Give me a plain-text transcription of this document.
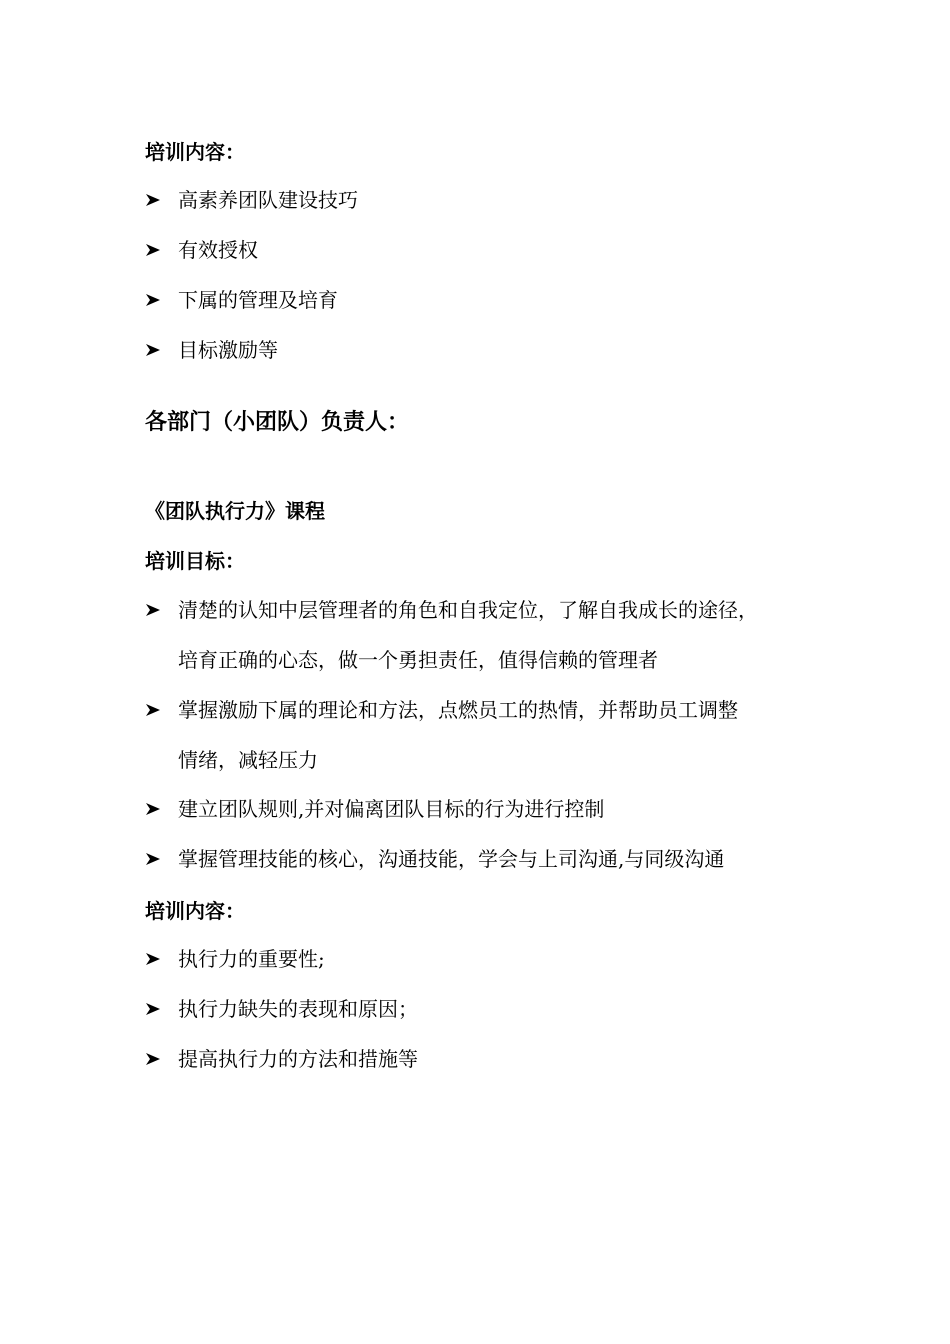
培训内容：
高素养团队建设技巧
有效授权
下属的管理及培育
目标激励等
各部门（小团队）负责人：
《团队执行力》课程
培训目标：
清楚的认知中层管理者的角色和自我定位，了解自我成长的途径，
培育正确的心态，做一个勇担责任，值得信赖的管理者
掌握激励下属的理论和方法，点燃员工的热情，并帮助员工调整
情绪，减轻压力
建立团队规则,并对偏离团队目标的行为进行控制
掌握管理技能的核心，沟通技能，学会与上司沟通,与同级沟通
培训内容：
执行力的重要性;
执行力缺失的表现和原因；
提高执行力的方法和措施等
